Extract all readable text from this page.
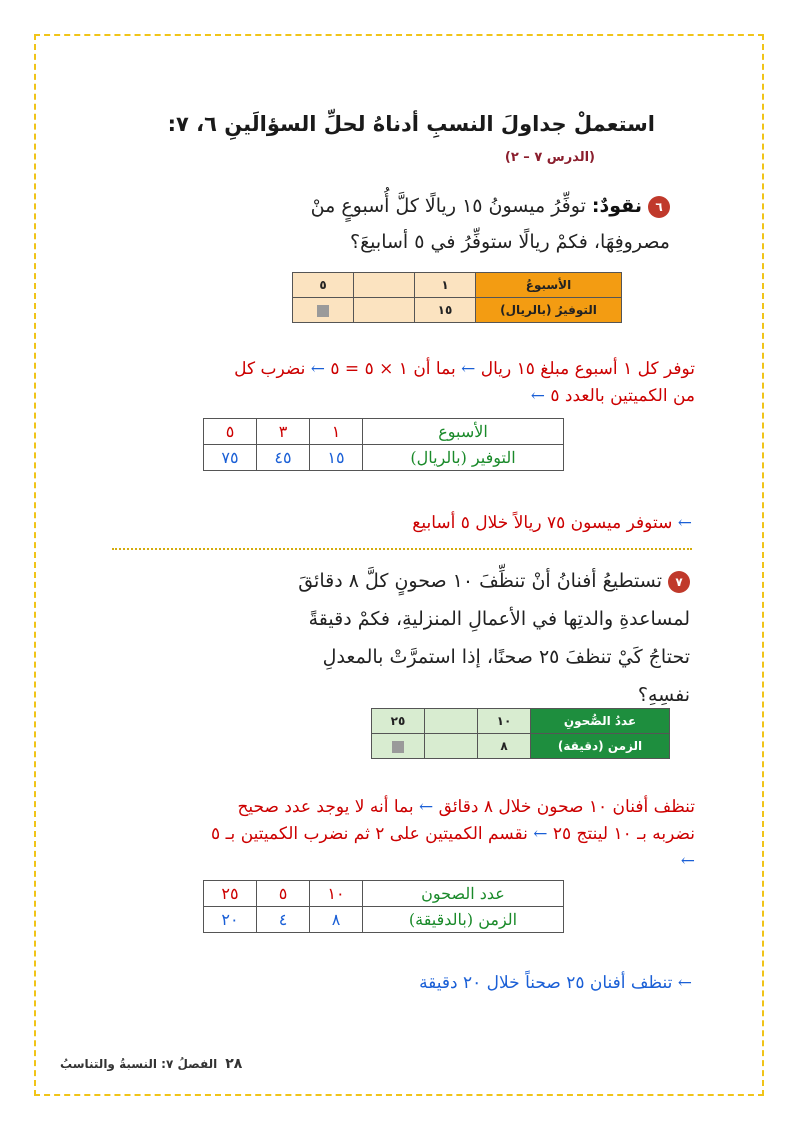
استعملْ جداولَ النسبِ أدناهُ لحلِّ السؤالَينِ ٦، ٧:
(الدرس ٧ – ٢)
٦نقودٌ: توفِّرُ ميسونُ ١٥ ريالًا كلَّ أُسبوعٍ منْ
مصروفِهَا، فكمْ ريالًا ستوفِّرُ في ٥ أسابيعَ؟
الأسبوعُ	١		٥
التوفيرُ (بالريال)	١٥		
توفر كل ١ أسبوع مبلغ ١٥ ريال ← بما أن ١ × ٥ = ٥ ← نضرب كل
من الكميتين بالعدد ٥ ←
الأسبوع	١	٣	٥
التوفير (بالريال)	١٥	٤٥	٧٥
← ستوفر ميسون ٧٥ ريالاً خلال ٥ أسابيع
٧تستطيعُ أفنانُ أنْ تنظِّفَ ١٠ صحونٍ كلَّ ٨ دقائقَ
لمساعدةِ والدتِها في الأعمالِ المنزليةِ، فكمْ دقيقةً
تحتاجُ كَيْ تنظفَ ٢٥ صحنًا، إذا استمرَّتْ بالمعدلِ
نفسِهِ؟
عددُ الصُّحونِ	١٠		٢٥
الزمن (دقيقة)	٨		
تنظف أفنان ١٠ صحون خلال ٨ دقائق ← بما أنه لا يوجد عدد صحيح
نضربه بـ ١٠ لينتج ٢٥ ← نقسم الكميتين على ٢ ثم نضرب الكميتين بـ ٥
←
عدد الصحون	١٠	٥	٢٥
الزمن (بالدقيقة)	٨	٤	٢٠
← تنظف أفنان ٢٥ صحناً خلال ٢٠ دقيقة
٢٨الفصلُ ٧: النسبةُ والتناسبُ
